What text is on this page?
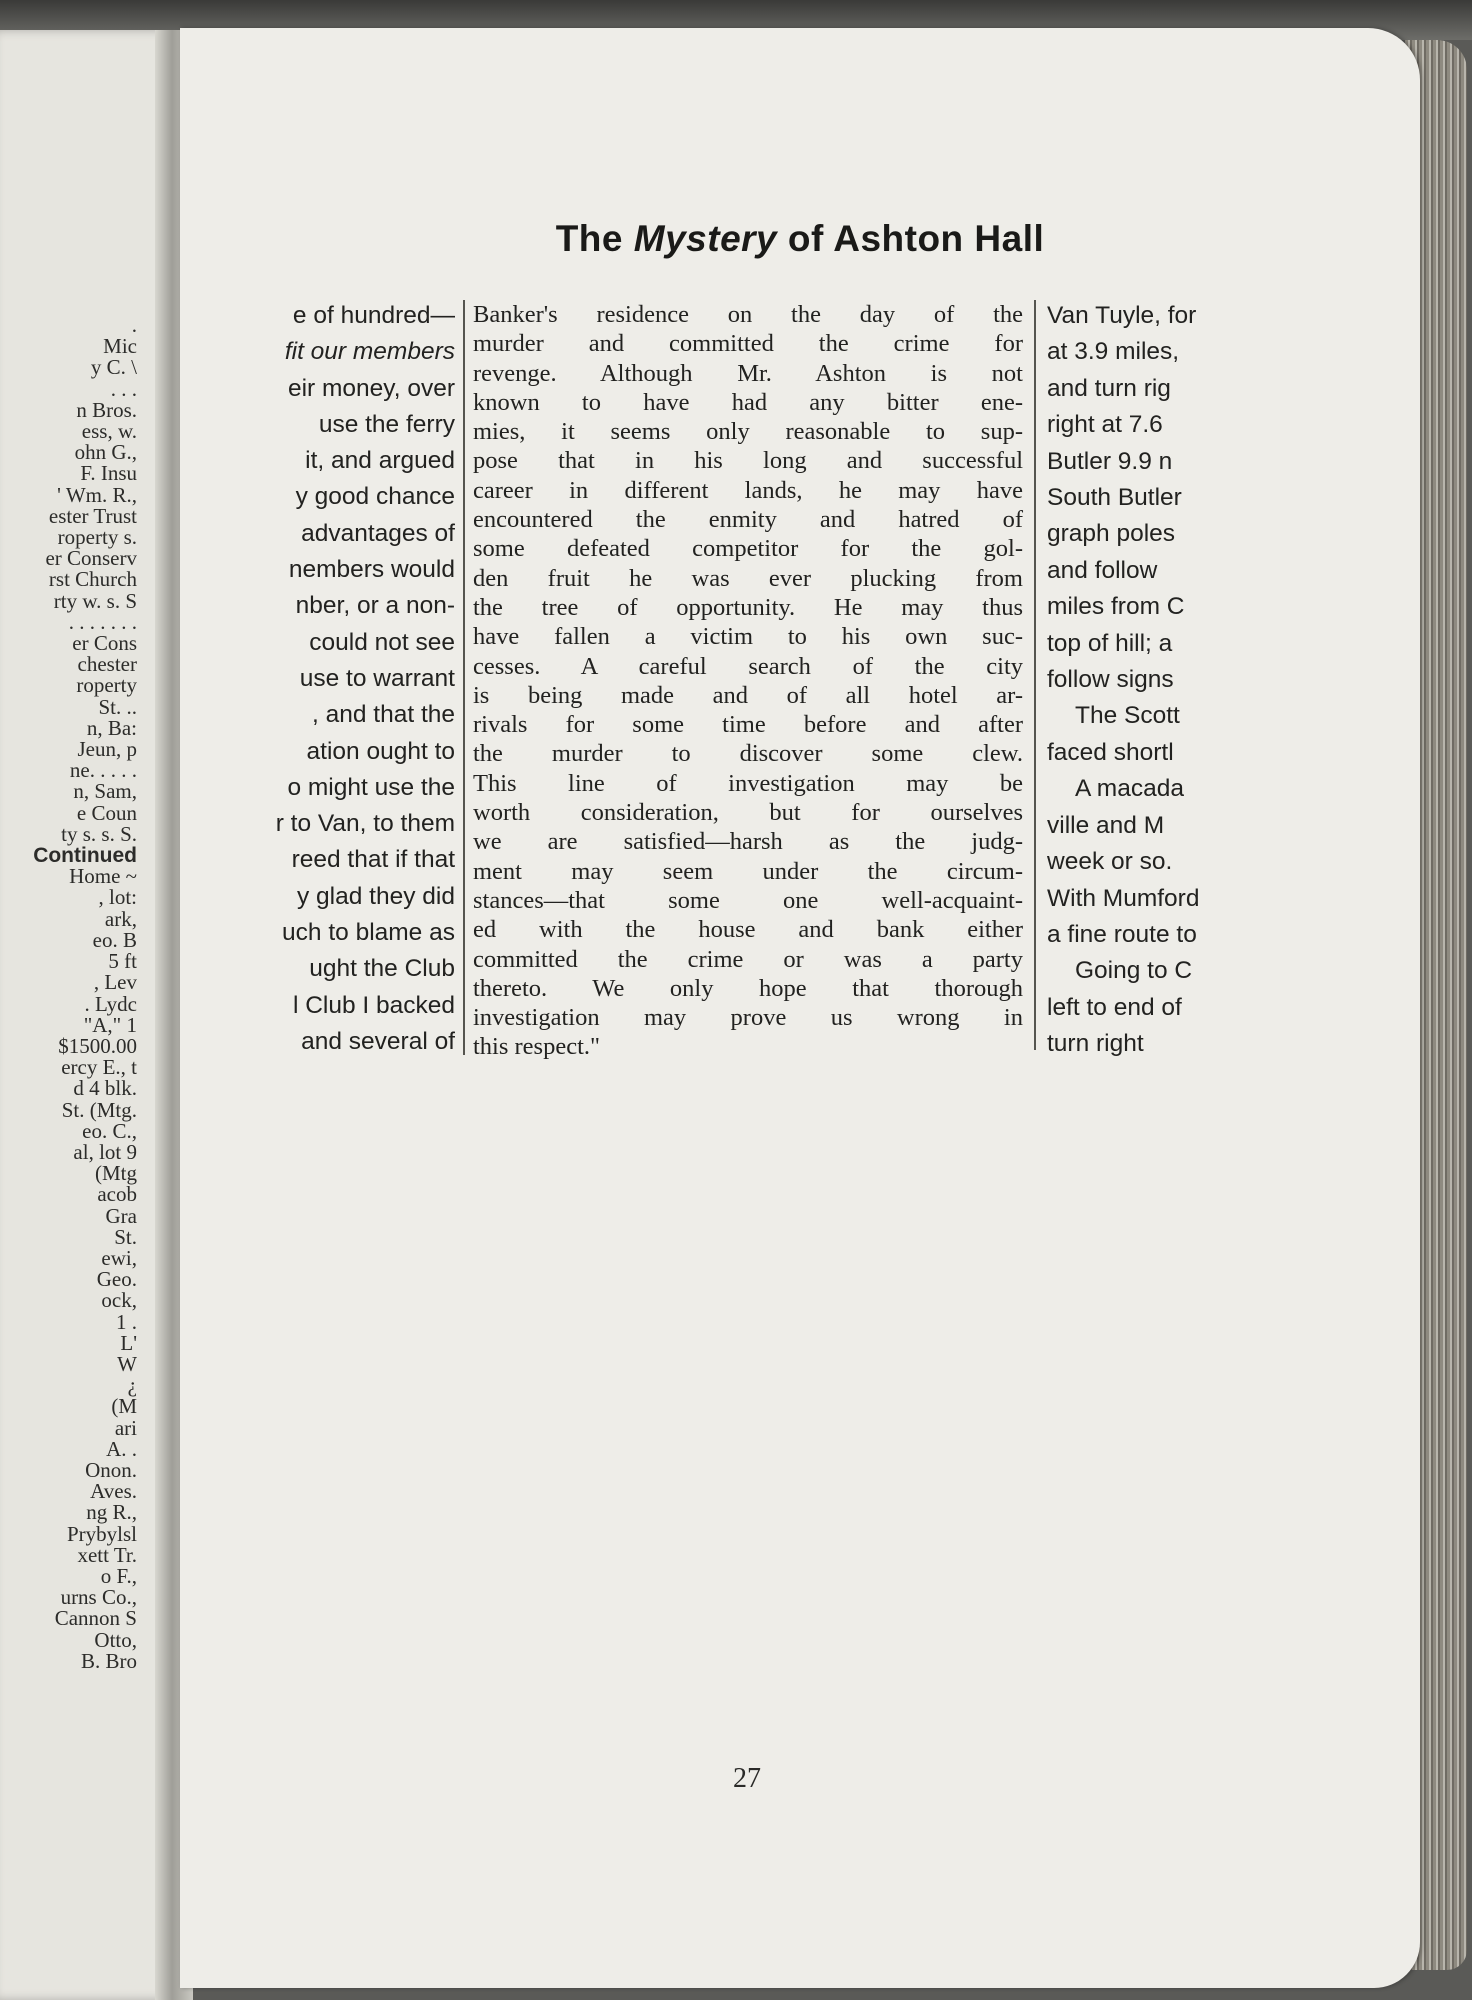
.
Mic
y C. \
. . .
n Bros.
ess, w.
ohn G.,
F. Insu
' Wm. R.,
ester Trust
roperty s.
er Conserv
rst Church
rty w. s. S
. . . . . . .
er Cons
chester
roperty
St. ..
n, Ba:
Jeun, p
ne. . . . .
n, Sam,
e Coun
ty s. s. S.
Continued
Home ~
, lot:
ark,
eo. B
5 ft
, Lev
. Lydc
"A," 1
$1500.00
ercy E., t
d 4 blk.
St. (Mtg.
eo. C.,
al, lot 9
(Mtg
acob
Gra
St.
ewi,
Geo.
ock,
1 .
L'
W
¿
(M
ari
A. .
Onon.
Aves.
ng R.,
Prybylsl
xett Tr.
o F.,
urns Co.,
Cannon S
Otto,
B. Bro
The Mystery of Ashton Hall
e of hundred—
fit our members
eir money, over
use the ferry
it, and argued
y good chance
advantages of
nembers would
nber, or a non-
could not see
use to warrant
, and that the
ation ought to
o might use the
r to Van, to them
reed that if that
y glad they did
uch to blame as
ught the Club
l Club I backed
and several of
Banker's residence on the day of the
murder and committed the crime for
revenge. Although Mr. Ashton is not
known to have had any bitter ene-
mies, it seems only reasonable to sup-
pose that in his long and successful
career in different lands, he may have
encountered the enmity and hatred of
some defeated competitor for the gol-
den fruit he was ever plucking from
the tree of opportunity. He may thus
have fallen a victim to his own suc-
cesses. A careful search of the city
is being made and of all hotel ar-
rivals for some time before and after
the murder to discover some clew.
This line of investigation may be
worth consideration, but for ourselves
we are satisfied—harsh as the judg-
ment may seem under the circum-
stances—that some one well-acquaint-
ed with the house and bank either
committed the crime or was a party
thereto. We only hope that thorough
investigation may prove us wrong in
this respect."
Van Tuyle, for
at 3.9 miles,
and turn rig
right at 7.6
Butler 9.9 n
South Butler
graph poles
and follow
miles from C
top of hill; a
follow signs
The Scott
faced shortl
A macada
ville and M
week or so.
With Mumford
a fine route to
Going to C
left to end of
turn right
27
